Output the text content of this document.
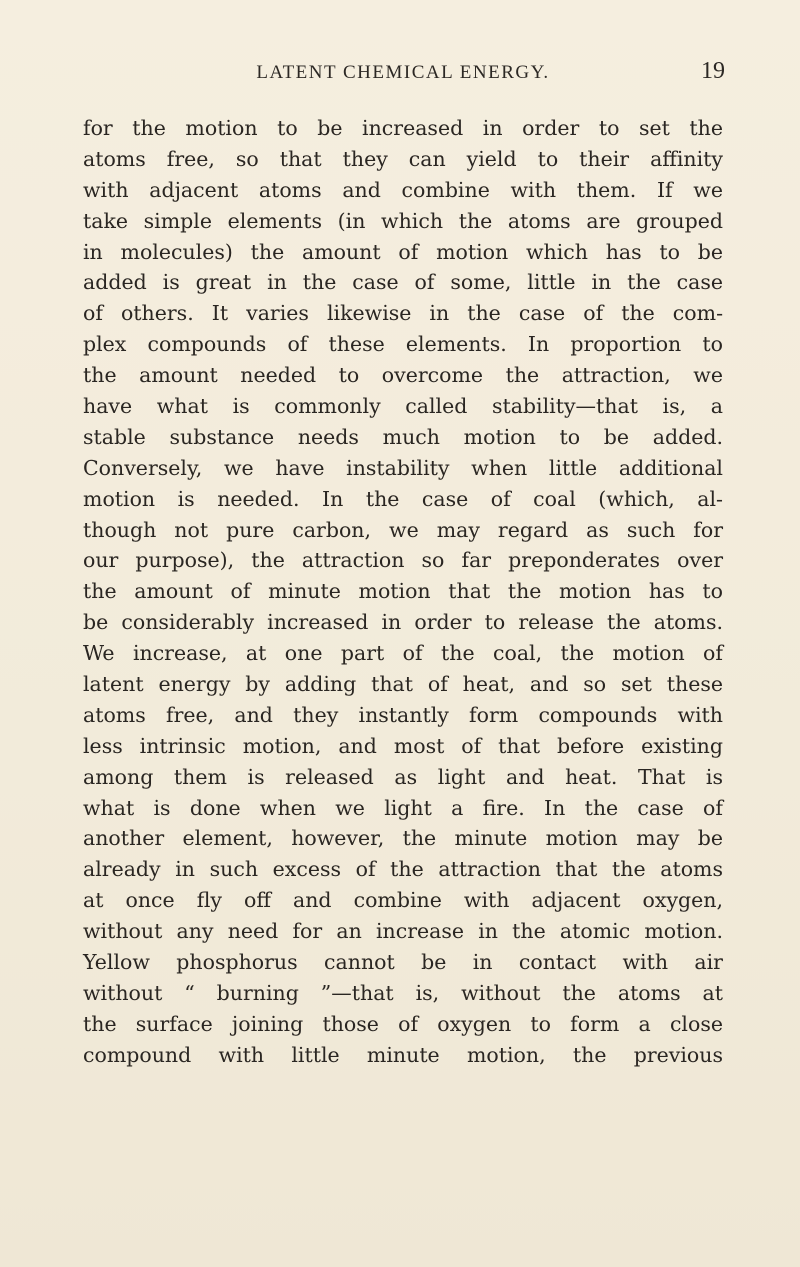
LATENT CHEMICAL ENERGY.	19
for the motion to be increased in order to set the
atoms free, so that they can yield to their affinity
with adjacent atoms and combine with them. If we
take simple elements (in which the atoms are grouped
in molecules) the amount of motion which has to be
added is great in the case of some, little in the case
of others. It varies likewise in the case of the com-
plex compounds of these elements. In proportion to
the amount needed to overcome the attraction, we
have what is commonly called stability—that is, a
stable substance needs much motion to be added.
Conversely, we have instability when little additional
motion is needed. In the case of coal (which, al-
though not pure carbon, we may regard as such for
our purpose), the attraction so far preponderates over
the amount of minute motion that the motion has to
be considerably increased in order to release the atoms.
We increase, at one part of the coal, the motion of
latent energy by adding that of heat, and so set these
atoms free, and they instantly form compounds with
less intrinsic motion, and most of that before existing
among them is released as light and heat. That is
what is done when we light a fire. In the case of
another element, however, the minute motion may be
already in such excess of the attraction that the atoms
at once fly off and combine with adjacent oxygen,
without any need for an increase in the atomic motion.
Yellow phosphorus cannot be in contact with air
without “ burning ”—that is, without the atoms at
the surface joining those of oxygen to form a close
compound with little minute motion, the previous
